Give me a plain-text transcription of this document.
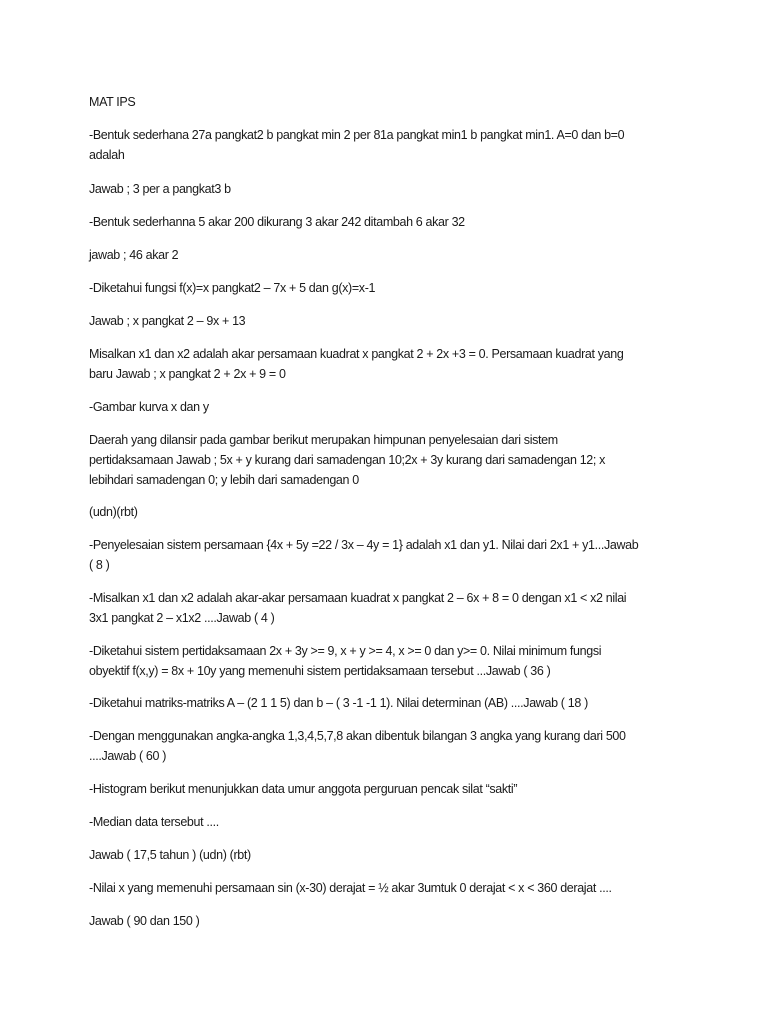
MAT IPS
-Bentuk sederhana 27a pangkat2 b pangkat min 2 per 81a pangkat min1 b pangkat min1. A=0 dan b=0
adalah
Jawab ; 3 per a pangkat3 b
-Bentuk sederhanna 5 akar 200 dikurang 3 akar 242 ditambah 6 akar 32
jawab ; 46 akar 2
-Diketahui fungsi f(x)=x pangkat2 – 7x + 5 dan g(x)=x-1
Jawab ; x pangkat 2 – 9x + 13
Misalkan x1 dan x2 adalah akar persamaan kuadrat x pangkat 2 + 2x +3 = 0. Persamaan kuadrat yang
baru Jawab ; x pangkat 2 + 2x + 9 = 0
-Gambar kurva x dan y
Daerah yang dilansir pada gambar berikut merupakan himpunan penyelesaian dari sistem
pertidaksamaan Jawab ; 5x + y kurang dari samadengan 10;2x + 3y kurang dari samadengan 12; x
lebihdari samadengan 0; y lebih dari samadengan 0
(udn)(rbt)
-Penyelesaian sistem persamaan {4x + 5y =22 / 3x – 4y = 1} adalah x1 dan y1. Nilai dari 2x1 + y1...Jawab
( 8 )
-Misalkan x1 dan x2 adalah akar-akar persamaan kuadrat x pangkat 2 – 6x + 8 = 0 dengan x1 < x2 nilai
3x1 pangkat 2 – x1x2 ....Jawab ( 4 )
-Diketahui sistem pertidaksamaan 2x + 3y >= 9, x + y >= 4, x >= 0 dan y>= 0. Nilai minimum fungsi
obyektif f(x,y) = 8x + 10y yang memenuhi sistem pertidaksamaan tersebut ...Jawab ( 36 )
-Diketahui matriks-matriks A – (2 1 1 5) dan b – ( 3 -1 -1 1). Nilai determinan (AB) ....Jawab ( 18 )
-Dengan menggunakan angka-angka 1,3,4,5,7,8 akan dibentuk bilangan 3 angka yang kurang dari 500
....Jawab ( 60 )
-Histogram berikut menunjukkan data umur anggota perguruan pencak silat “sakti”
-Median data tersebut ....
Jawab ( 17,5 tahun ) (udn) (rbt)
-Nilai x yang memenuhi persamaan sin (x-30) derajat = ½ akar 3umtuk 0 derajat < x < 360 derajat ....
Jawab ( 90 dan 150 )
